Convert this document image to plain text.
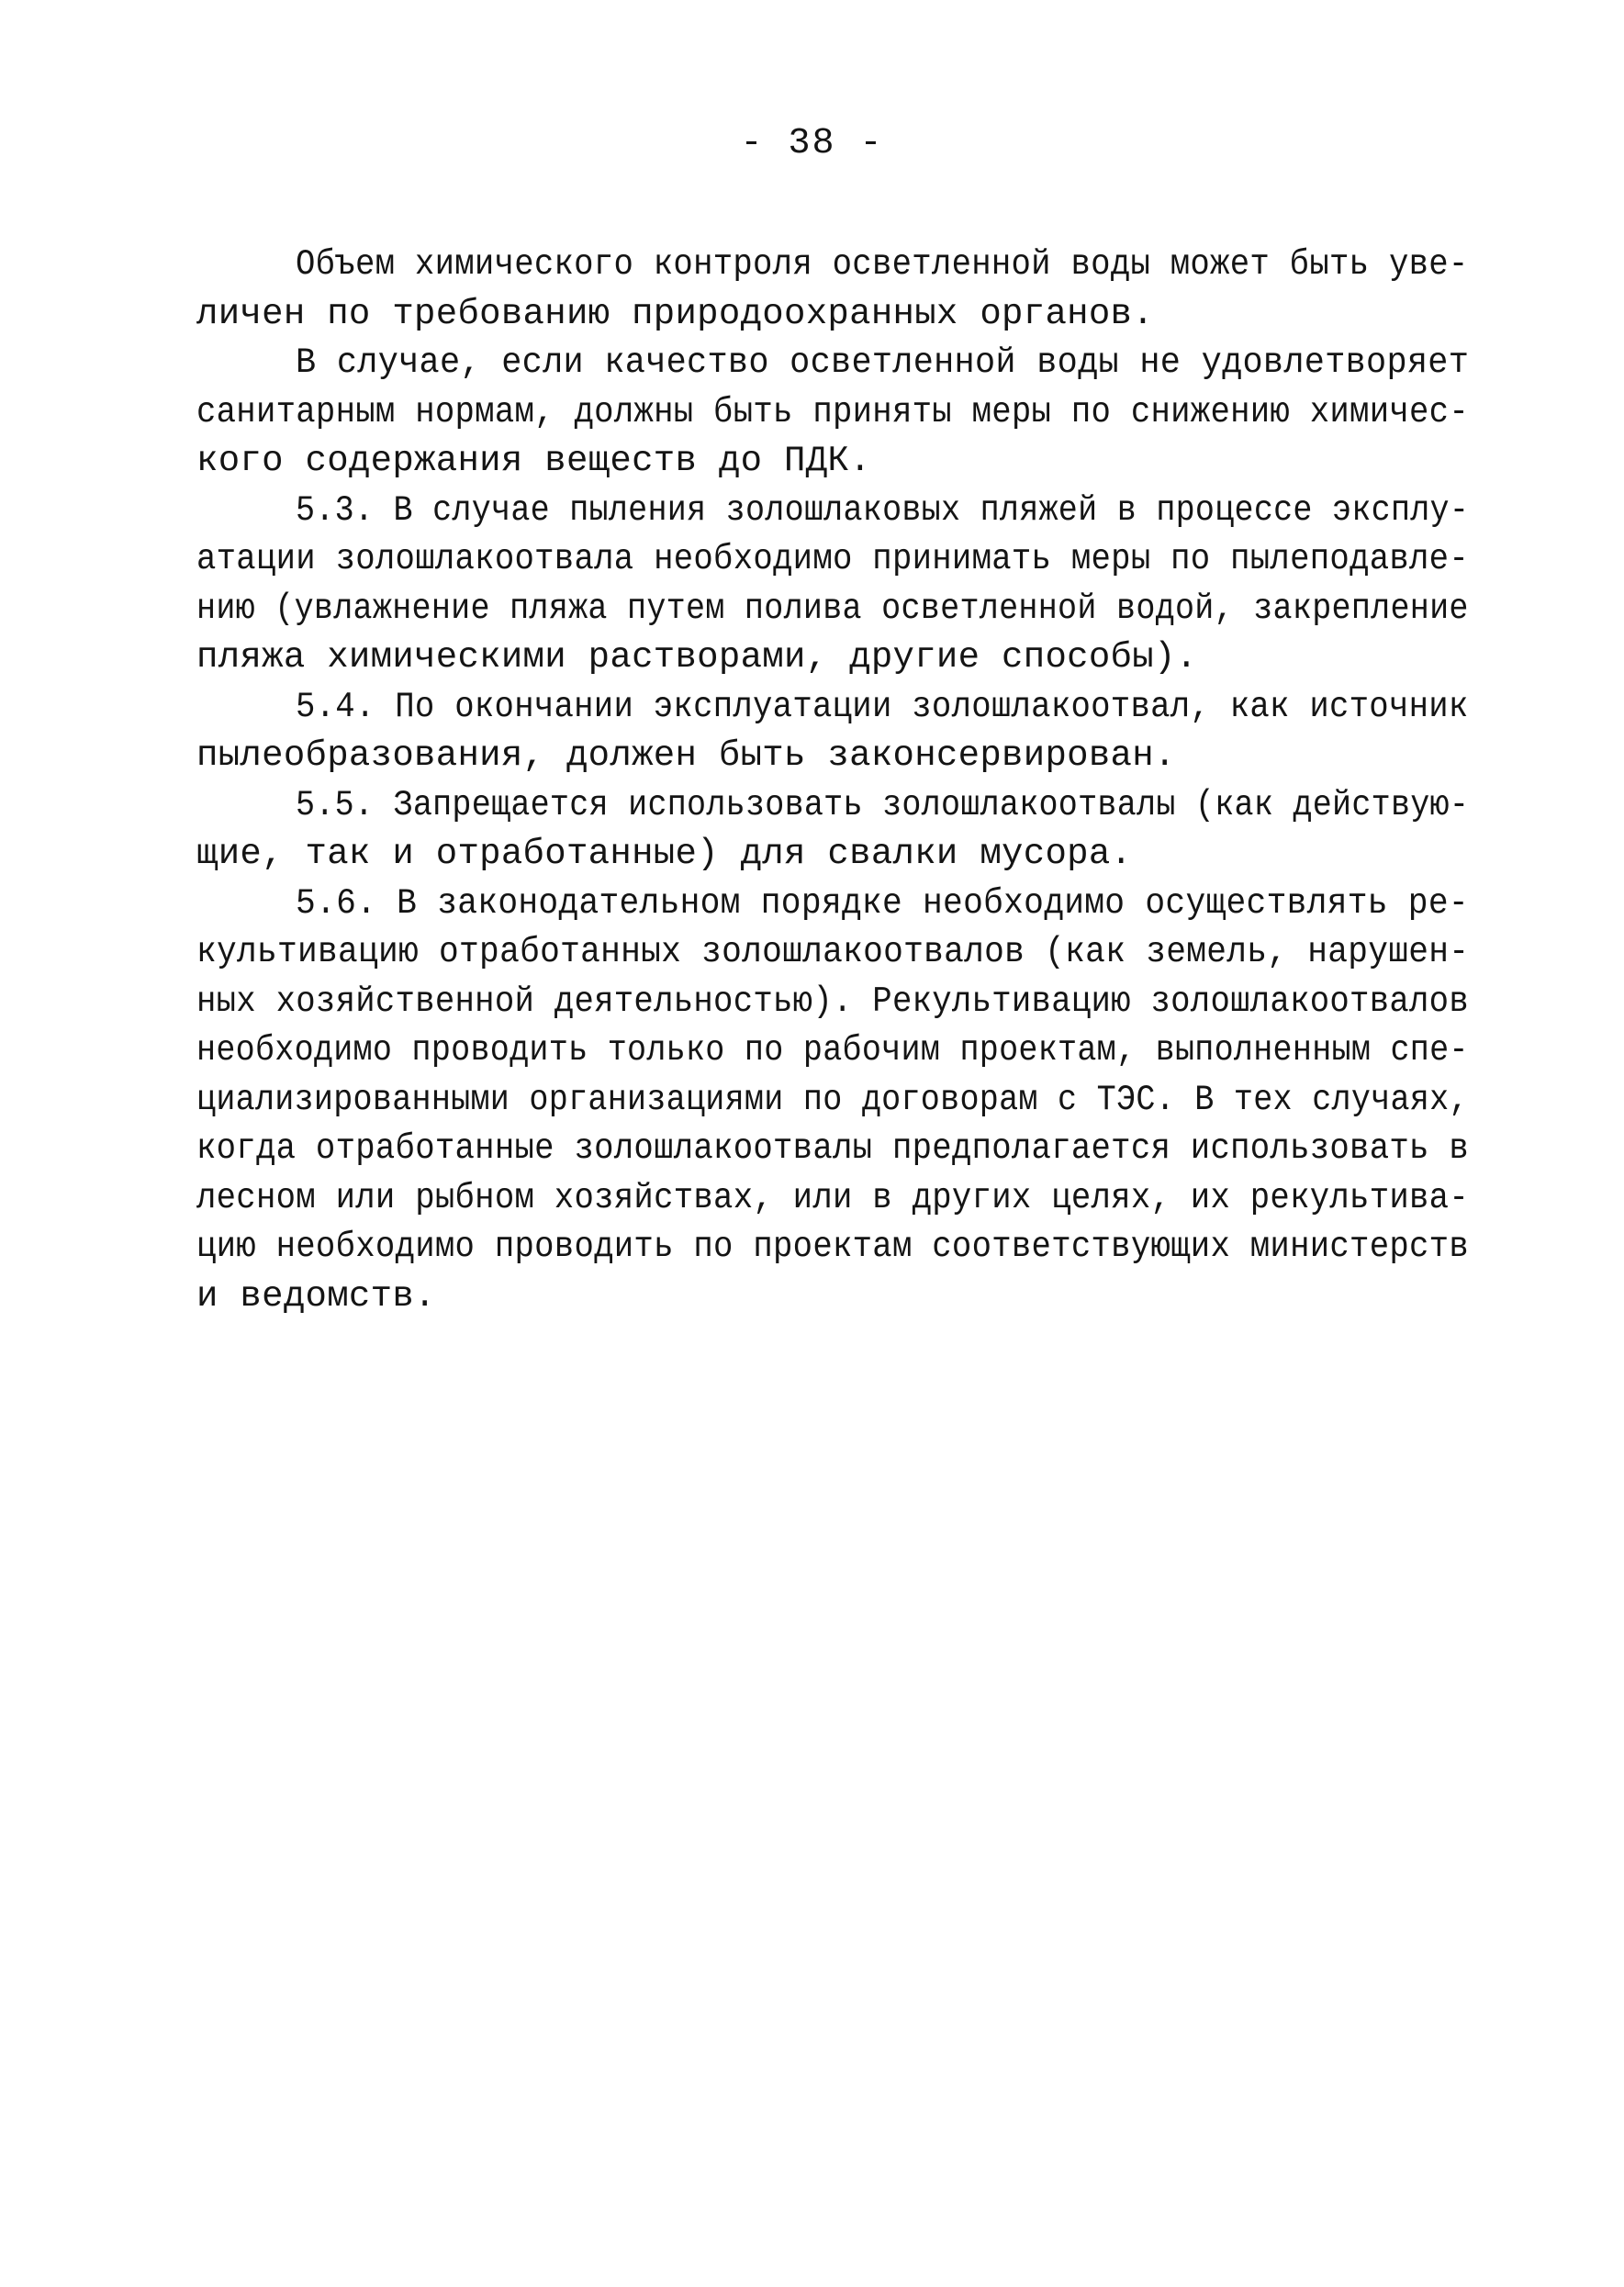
- 38 -
Объем химического контроля осветленной воды может быть уве-
личен по требованию природоохранных органов.
В случае, если качество осветленной воды не удовлетворяет
санитарным нормам, должны быть приняты меры по снижению химичес-
кого содержания веществ до ПДК.
5.3. В случае пыления золошлаковых пляжей в процессе эксплу-
атации золошлакоотвала необходимо принимать меры по пылеподавле-
нию (увлажнение пляжа путем полива осветленной водой, закрепление
пляжа химическими растворами, другие способы).
5.4. По окончании эксплуатации золошлакоотвал, как источник
пылеобразования, должен быть законсервирован.
5.5. Запрещается использовать золошлакоотвалы (как действую-
щие, так и отработанные) для свалки мусора.
5.6. В законодательном порядке необходимо осуществлять ре-
культивацию отработанных золошлакоотвалов (как земель, нарушен-
ных хозяйственной деятельностью). Рекультивацию золошлакоотвалов
необходимо проводить только по рабочим проектам, выполненным спе-
циализированными организациями по договорам с ТЭС. В тех случаях,
когда отработанные золошлакоотвалы предполагается использовать в
лесном или рыбном хозяйствах, или в других целях, их рекультива-
цию необходимо проводить по проектам соответствующих министерств
и ведомств.
